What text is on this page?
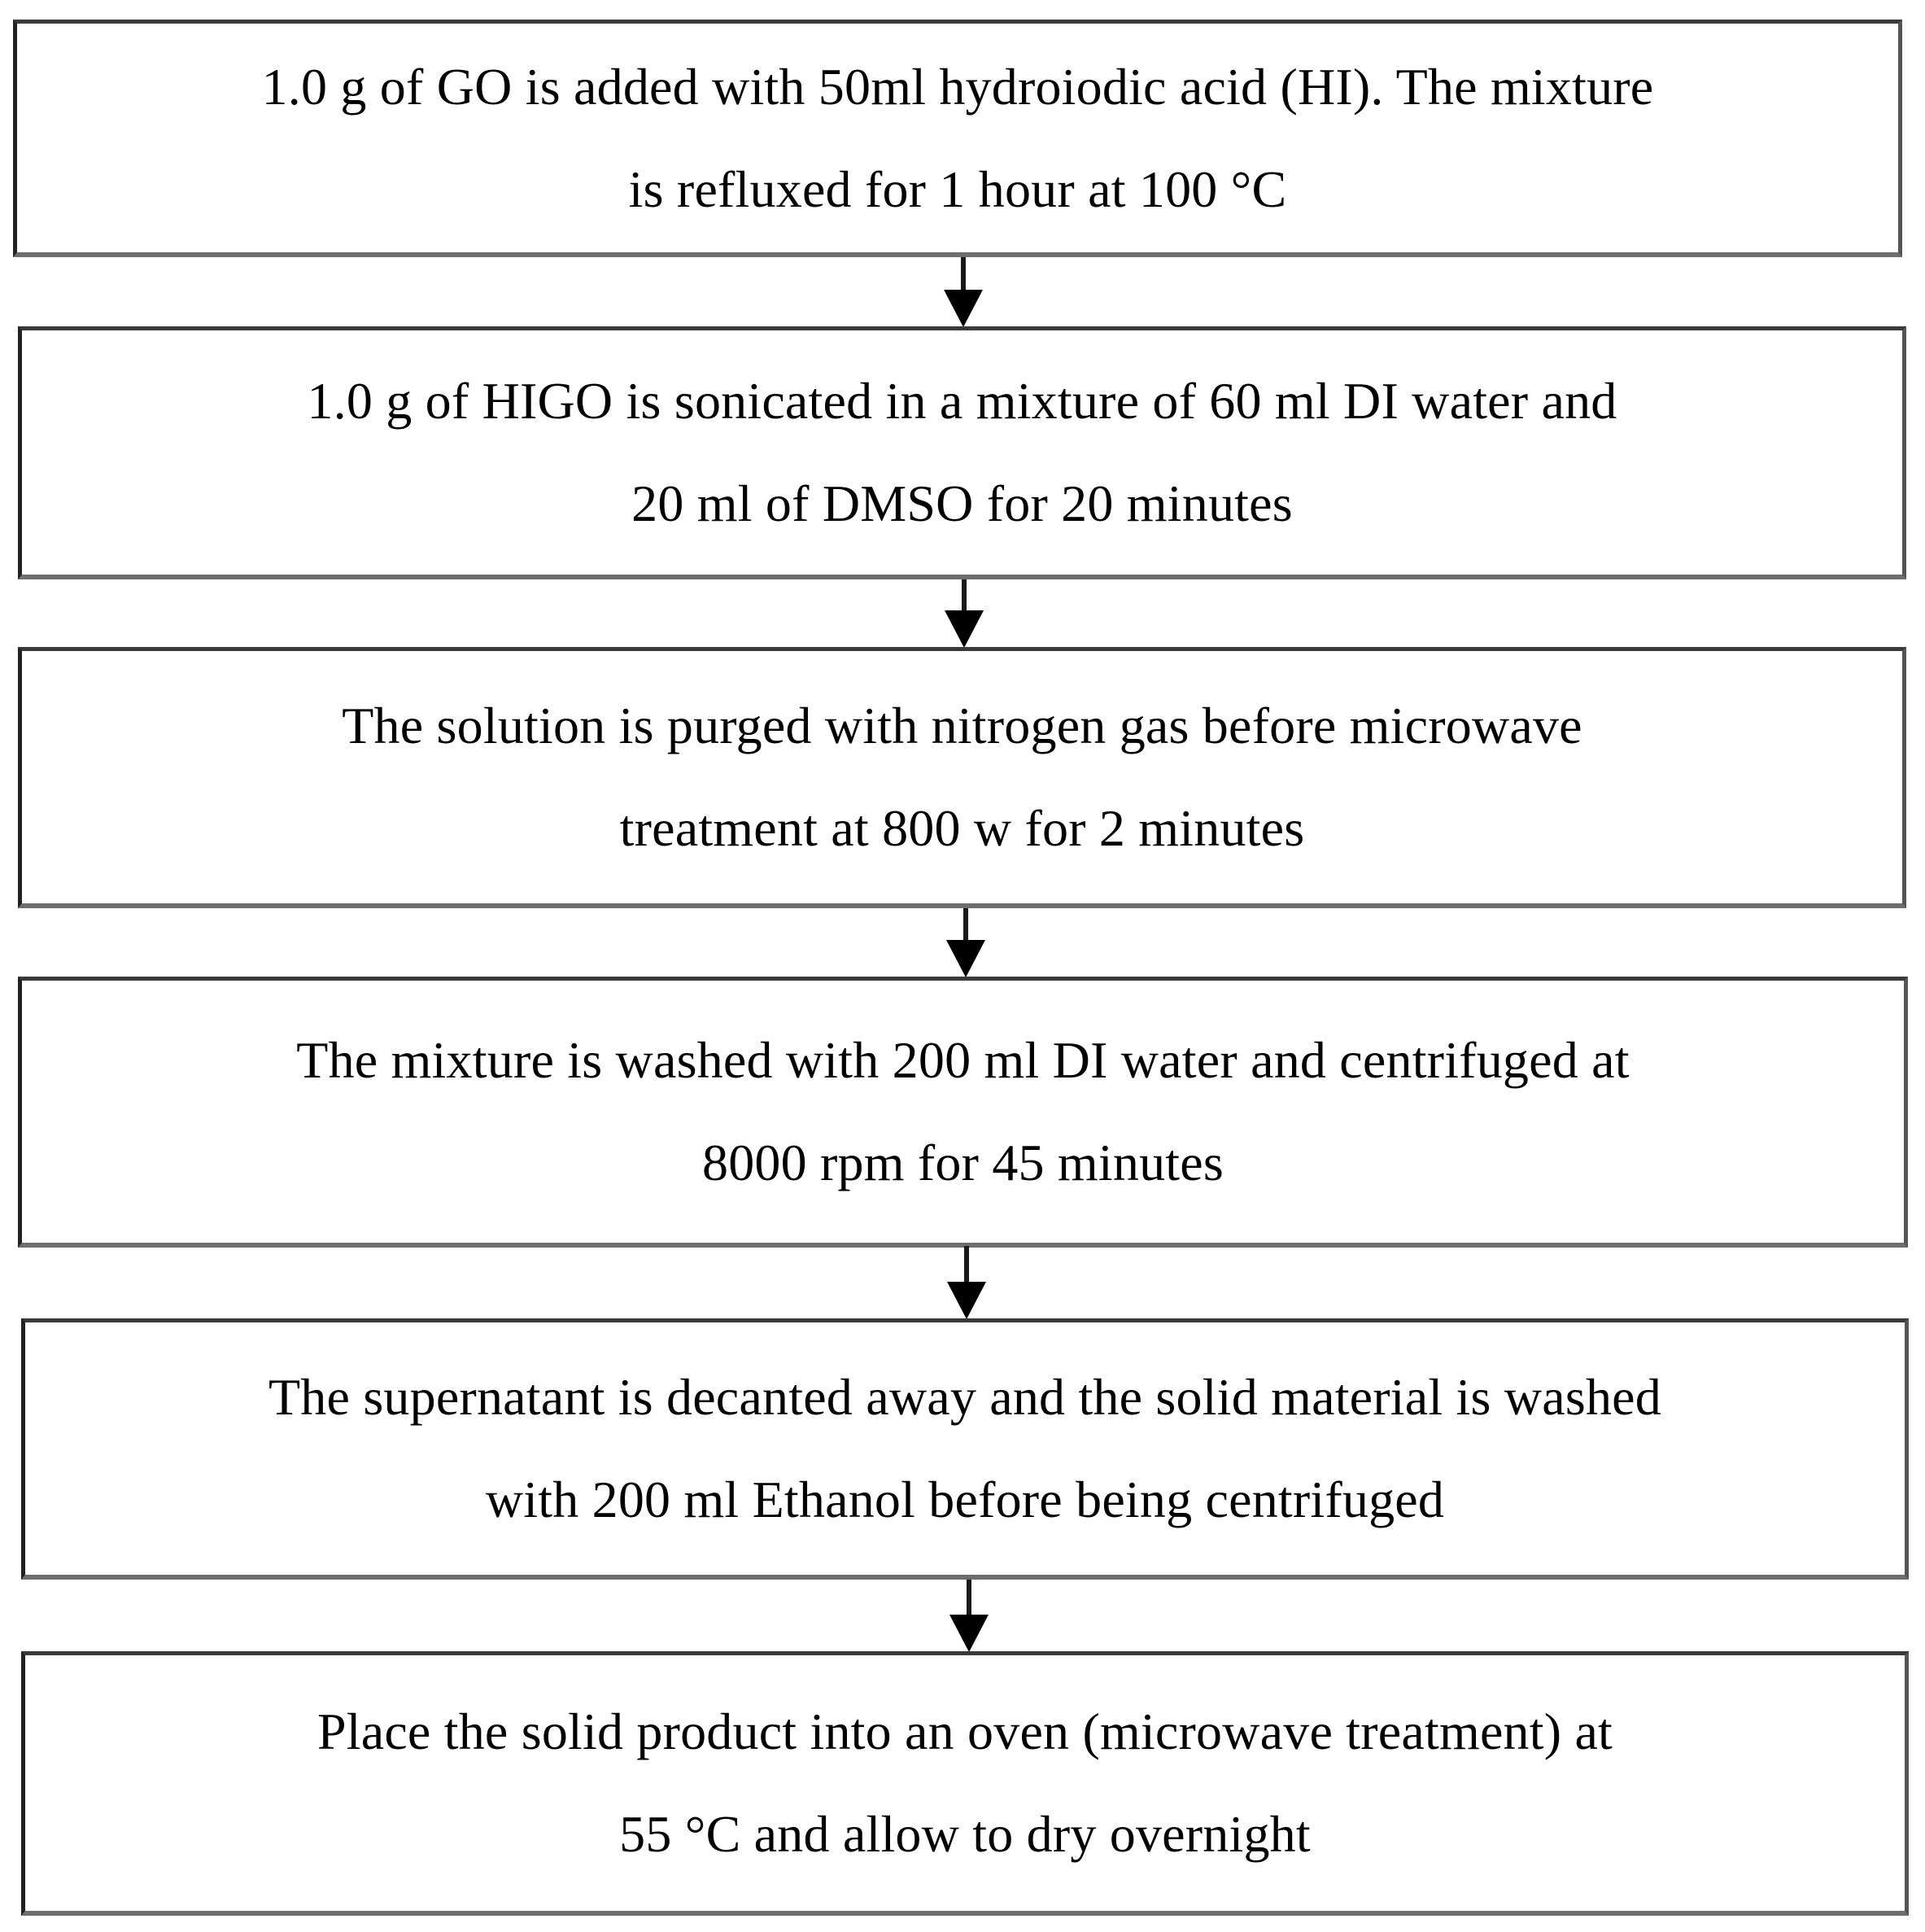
1.0 g of GO is added with 50ml hydroiodic acid (HI). The mixture
is refluxed for 1 hour at 100 °C
1.0 g of HIGO is sonicated in a mixture of 60 ml DI water and
20 ml of DMSO for 20 minutes
The solution is purged with nitrogen gas before microwave
treatment at 800 w for 2 minutes
The mixture is washed with 200 ml DI water and centrifuged at
8000 rpm for 45 minutes
The supernatant is decanted away and the solid material is washed
with 200 ml Ethanol before being centrifuged
Place the solid product into an oven (microwave treatment) at
55 °C and allow to dry overnight
